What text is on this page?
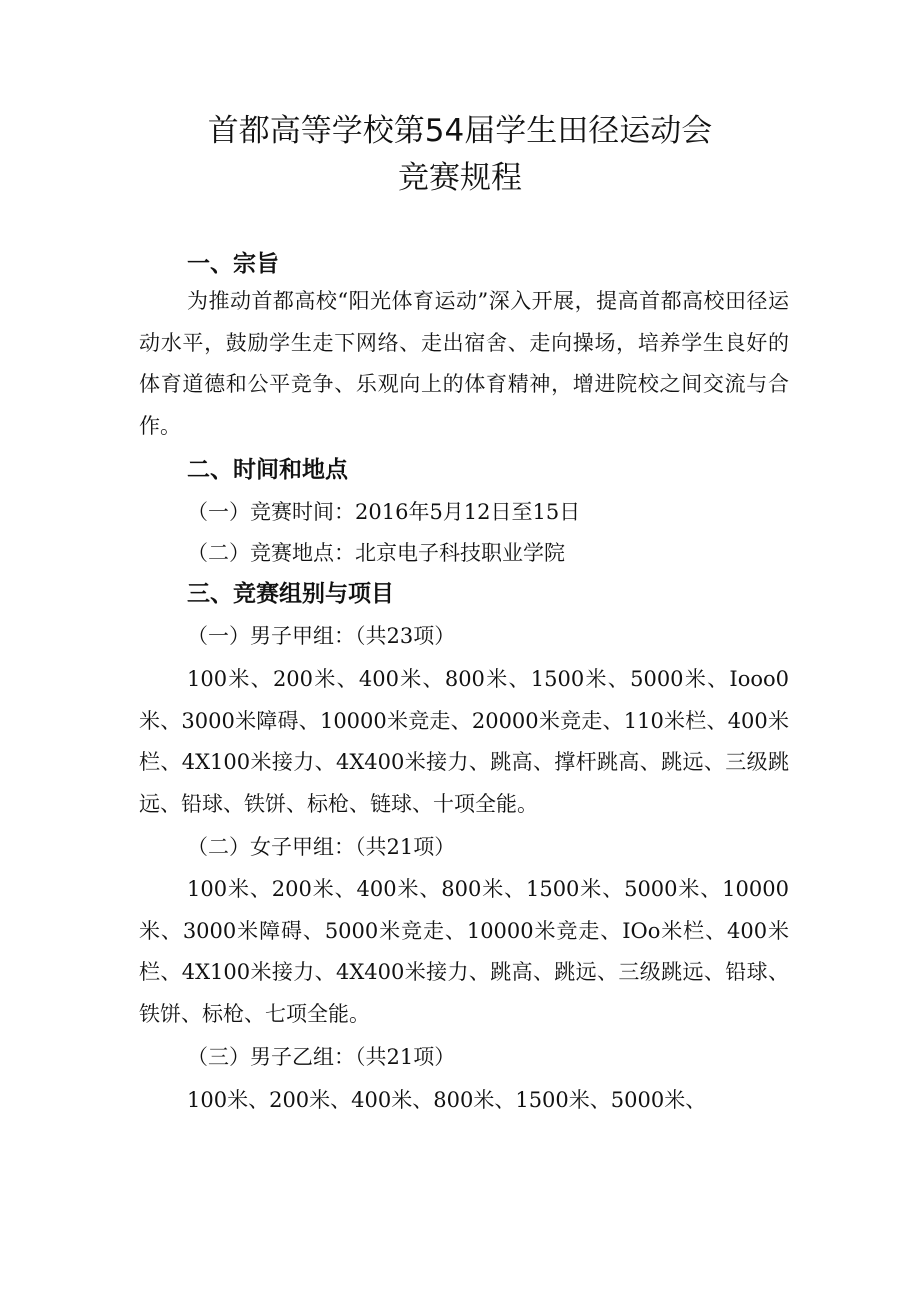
首都高等学校第54届学生田径运动会
竞赛规程
一、宗旨

为推动首都高校“阳光体育运动”深入开展，提高首都高校田径运动水平，鼓励学生走下网络、走出宿舍、走向操场，培养学生良好的体育道德和公平竞争、乐观向上的体育精神，增进院校之间交流与合作。

二、时间和地点

（一）竞赛时间：2016年5月12日至15日

（二）竞赛地点：北京电子科技职业学院

三、竞赛组别与项目

（一）男子甲组：（共23项）

100米、200米、400米、800米、1500米、5000米、Iooo0米、3000米障碍、10000米竞走、20000米竞走、110米栏、400米栏、4X100米接力、4X400米接力、跳高、撑杆跳高、跳远、三级跳远、铅球、铁饼、标枪、链球、十项全能。

（二）女子甲组：（共21项）

100米、200米、400米、800米、1500米、5000米、10000米、3000米障碍、5000米竞走、10000米竞走、IOo米栏、400米栏、4X100米接力、4X400米接力、跳高、跳远、三级跳远、铅球、铁饼、标枪、七项全能。

（三）男子乙组：（共21项）

100米、200米、400米、800米、1500米、5000米、
